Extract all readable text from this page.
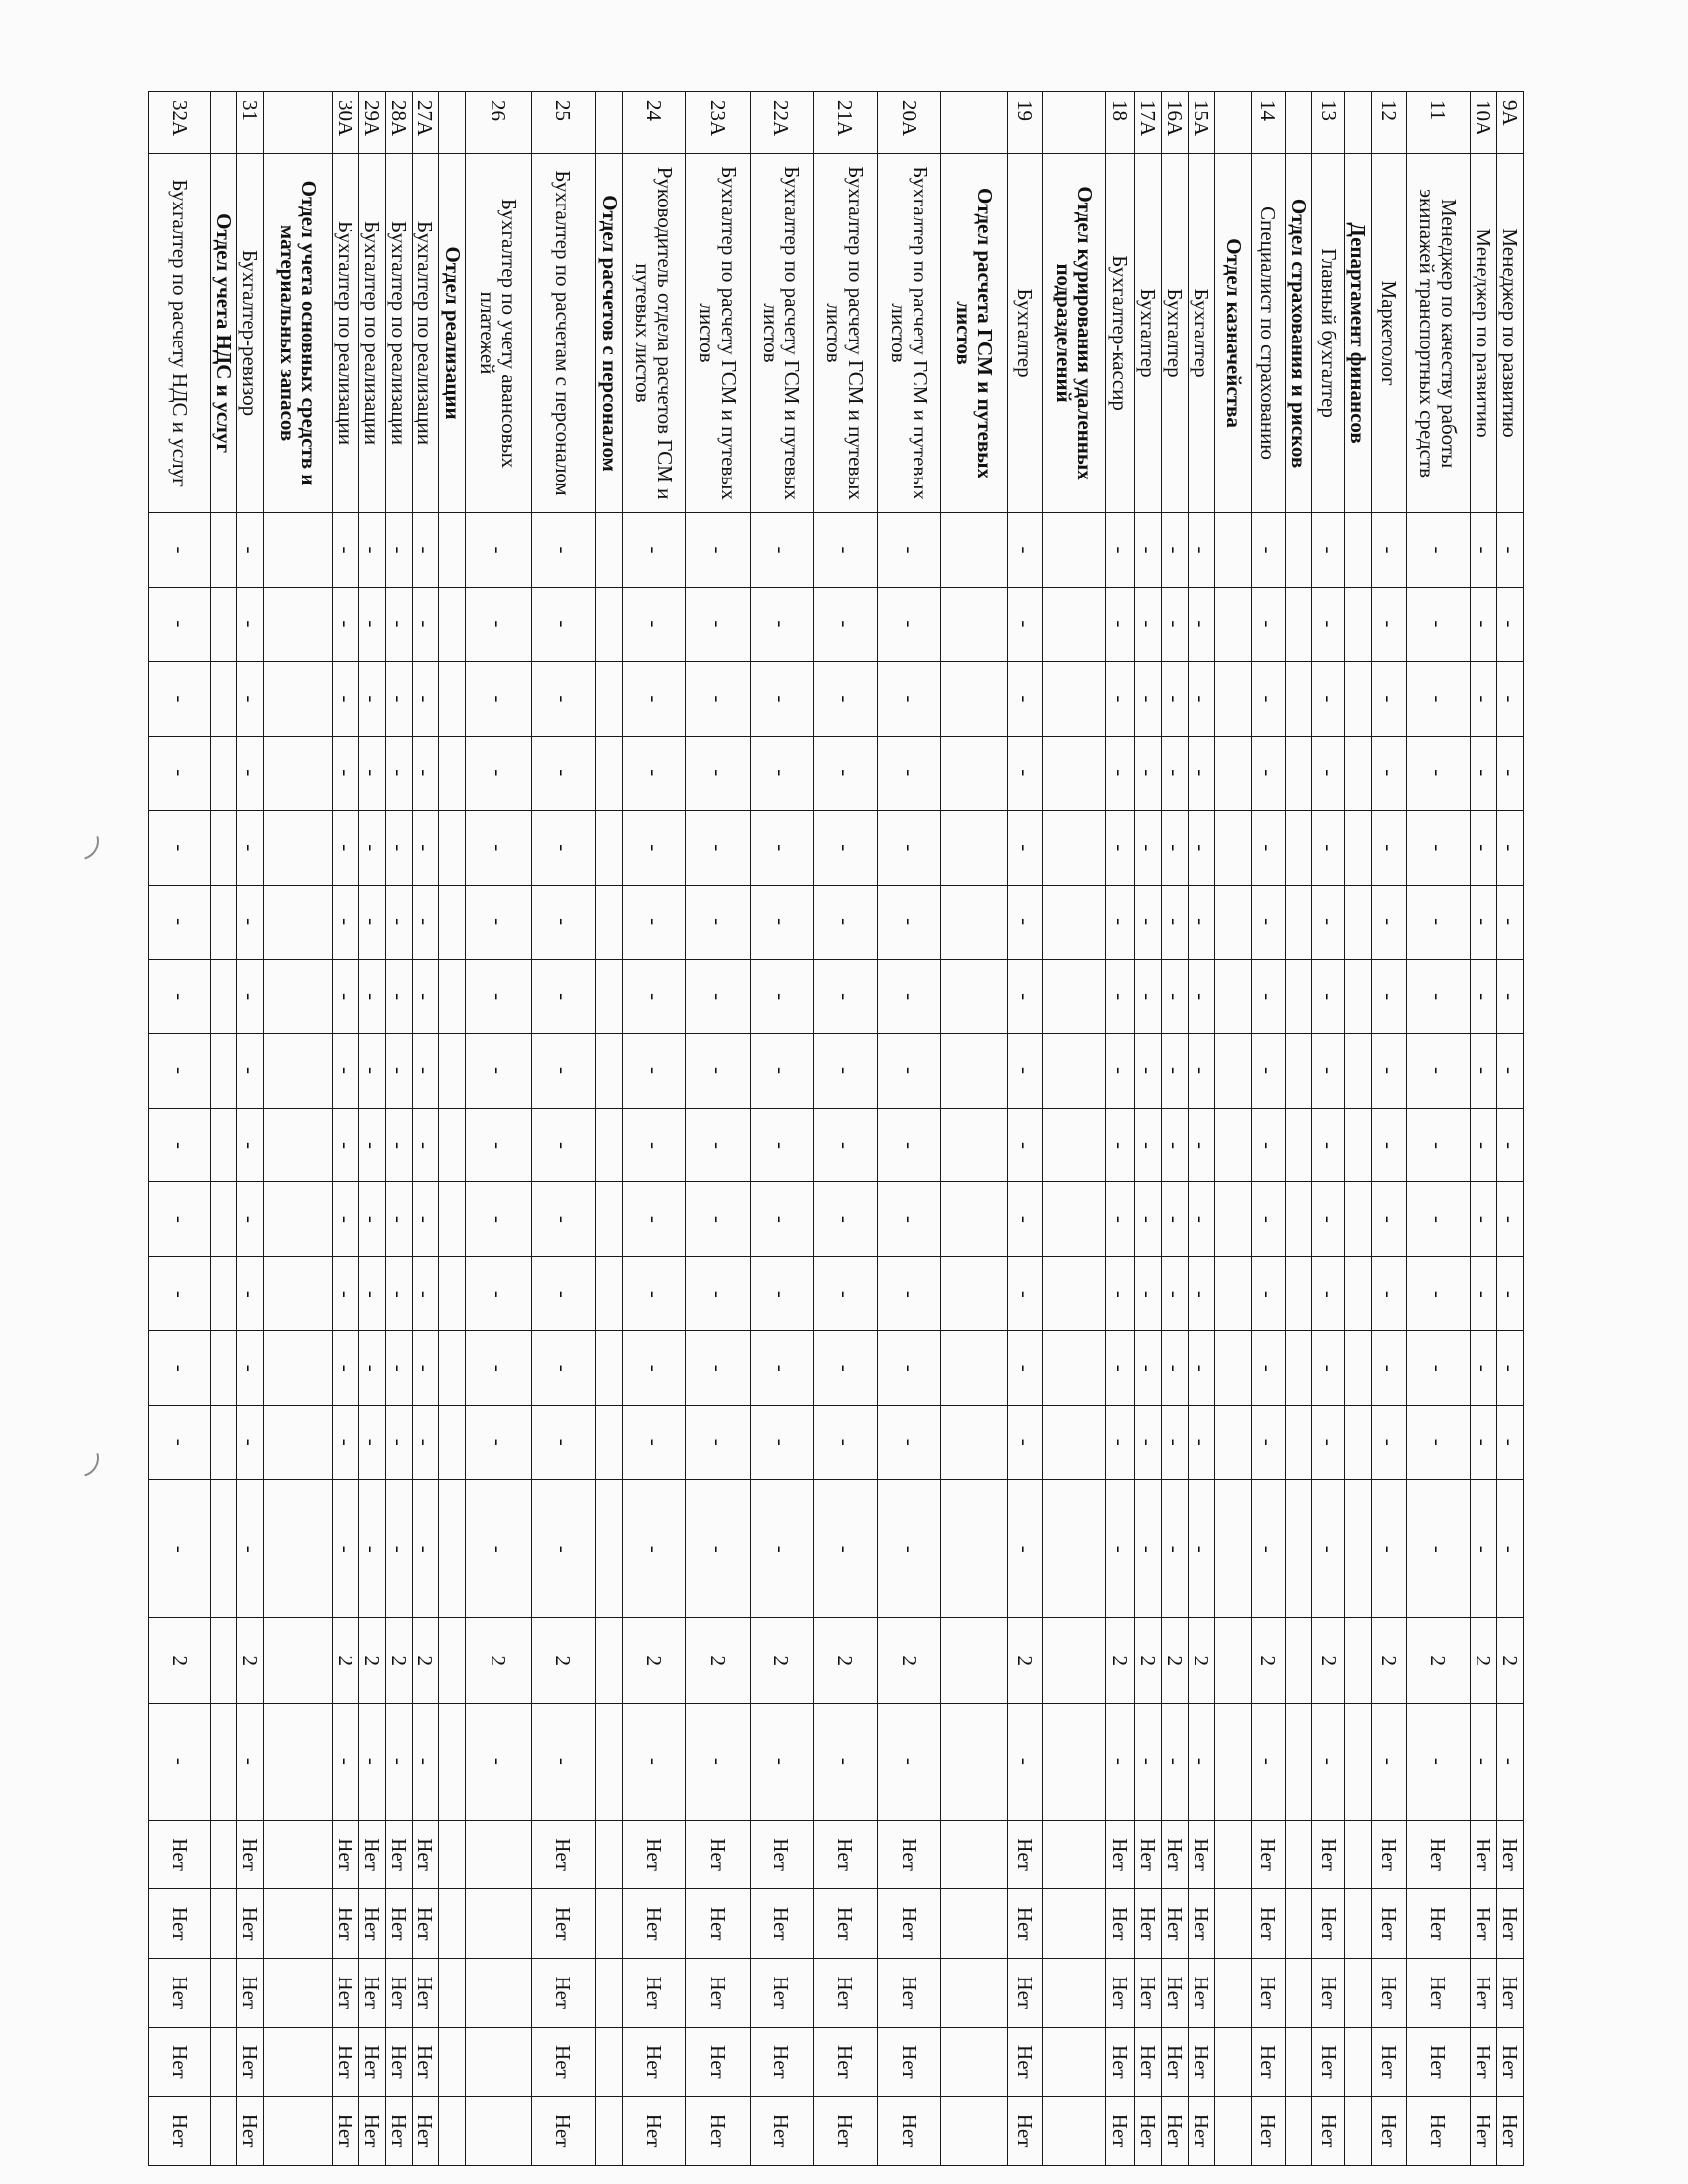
9А	Менеджер по развитию	-	-	-	-	-	-	-	-	-	-	-	-	-	-	2	-	Нет	Нет	Нет	Нет	Нет
10А	Менеджер по развитию	-	-	-	-	-	-	-	-	-	-	-	-	-	-	2	-	Нет	Нет	Нет	Нет	Нет
11	Менеджер по качеству работы экипажей транспортных средств	-	-	-	-	-	-	-	-	-	-	-	-	-	-	2	-	Нет	Нет	Нет	Нет	Нет
12	Маркетолог	-	-	-	-	-	-	-	-	-	-	-	-	-	-	2	-	Нет	Нет	Нет	Нет	Нет
	Департамент финансов																					
13	Главный бухгалтер	-	-	-	-	-	-	-	-	-	-	-	-	-	-	2	-	Нет	Нет	Нет	Нет	Нет
	Отдел страхования и рисков																					
14	Специалист по страхованию	-	-	-	-	-	-	-	-	-	-	-	-	-	-	2	-	Нет	Нет	Нет	Нет	Нет
	Отдел казначейства																					
15А	Бухгалтер	-	-	-	-	-	-	-	-	-	-	-	-	-	-	2	-	Нет	Нет	Нет	Нет	Нет
16А	Бухгалтер	-	-	-	-	-	-	-	-	-	-	-	-	-	-	2	-	Нет	Нет	Нет	Нет	Нет
17А	Бухгалтер	-	-	-	-	-	-	-	-	-	-	-	-	-	-	2	-	Нет	Нет	Нет	Нет	Нет
18	Бухгалтер-кассир	-	-	-	-	-	-	-	-	-	-	-	-	-	-	2	-	Нет	Нет	Нет	Нет	Нет
	Отдел курирования удаленных подразделений																					
19	Бухгалтер	-	-	-	-	-	-	-	-	-	-	-	-	-	-	2	-	Нет	Нет	Нет	Нет	Нет
	Отдел расчета ГСМ и путевых листов																					
20А	Бухгалтер по расчету ГСМ и путевых листов	-	-	-	-	-	-	-	-	-	-	-	-	-	-	2	-	Нет	Нет	Нет	Нет	Нет
21А	Бухгалтер по расчету ГСМ и путевых листов	-	-	-	-	-	-	-	-	-	-	-	-	-	-	2	-	Нет	Нет	Нет	Нет	Нет
22А	Бухгалтер по расчету ГСМ и путевых листов	-	-	-	-	-	-	-	-	-	-	-	-	-	-	2	-	Нет	Нет	Нет	Нет	Нет
23А	Бухгалтер по расчету ГСМ и путевых листов	-	-	-	-	-	-	-	-	-	-	-	-	-	-	2	-	Нет	Нет	Нет	Нет	Нет
24	Руководитель отдела расчетов ГСМ и путевых листов	-	-	-	-	-	-	-	-	-	-	-	-	-	-	2	-	Нет	Нет	Нет	Нет	Нет
	Отдел расчетов с персоналом																					
25	Бухгалтер по расчетам с персоналом	-	-	-	-	-	-	-	-	-	-	-	-	-	-	2	-	Нет	Нет	Нет	Нет	Нет
26	Бухгалтер по учету авансовых платежей	-	-	-	-	-	-	-	-	-	-	-	-	-	-	2	-					
	Отдел реализации																					
27А	Бухгалтер по реализации	-	-	-	-	-	-	-	-	-	-	-	-	-	-	2	-	Нет	Нет	Нет	Нет	Нет
28А	Бухгалтер по реализации	-	-	-	-	-	-	-	-	-	-	-	-	-	-	2	-	Нет	Нет	Нет	Нет	Нет
29А	Бухгалтер по реализации	-	-	-	-	-	-	-	-	-	-	-	-	-	-	2	-	Нет	Нет	Нет	Нет	Нет
30А	Бухгалтер по реализации	-	-	-	-	-	-	-	-	-	-	-	-	-	-	2	-	Нет	Нет	Нет	Нет	Нет
	Отдел учета основных средств и материальных запасов																					
31	Бухгалтер-ревизор	-	-	-	-	-	-	-	-	-	-	-	-	-	-	2	-	Нет	Нет	Нет	Нет	Нет
	Отдел учета НДС и услуг																					
32А	Бухгалтер по расчету НДС и услуг	-	-	-	-	-	-	-	-	-	-	-	-	-	-	2	-	Нет	Нет	Нет	Нет	Нет
